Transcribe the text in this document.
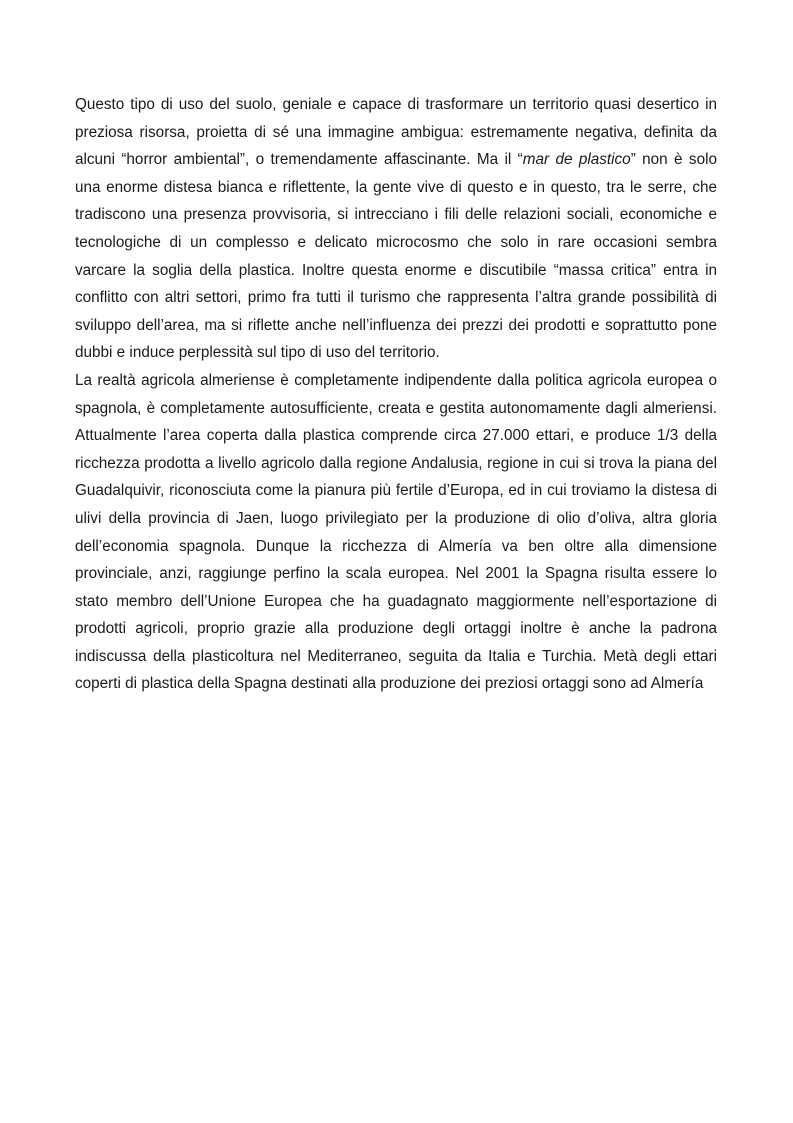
Questo tipo di uso del suolo, geniale e capace di trasformare un territorio quasi desertico in preziosa risorsa, proietta di sé una immagine ambigua: estremamente negativa, definita da alcuni “horror ambiental”, o tremendamente affascinante. Ma il “mar de plastico” non è solo una enorme distesa bianca e riflettente, la gente vive di questo e in questo, tra le serre, che tradiscono una presenza provvisoria, si intrecciano i fili delle relazioni sociali, economiche e tecnologiche di un complesso e delicato microcosmo che solo in rare occasioni sembra varcare la soglia della plastica. Inoltre questa enorme e discutibile “massa critica” entra in conflitto con altri settori, primo fra tutti il turismo che rappresenta l’altra grande possibilità di sviluppo dell’area, ma si riflette anche nell’influenza dei prezzi dei prodotti e soprattutto pone dubbi e induce perplessità sul tipo di uso del territorio.

La realtà agricola almeriense è completamente indipendente dalla politica agricola europea o spagnola, è completamente autosufficiente, creata e gestita autonomamente dagli almeriensi. Attualmente l’area coperta dalla plastica comprende circa 27.000 ettari, e produce 1/3 della ricchezza prodotta a livello agricolo dalla regione Andalusia, regione in cui si trova la piana del Guadalquivir, riconosciuta come la pianura più fertile d’Europa, ed in cui troviamo la distesa di ulivi della provincia di Jaen, luogo privilegiato per la produzione di olio d’oliva, altra gloria dell’economia spagnola. Dunque la ricchezza di Almería va ben oltre alla dimensione provinciale, anzi, raggiunge perfino la scala europea. Nel 2001 la Spagna risulta essere lo stato membro dell’Unione Europea che ha guadagnato maggiormente nell’esportazione di prodotti agricoli, proprio grazie alla produzione degli ortaggi inoltre è anche la padrona indiscussa della plasticoltura nel Mediterraneo, seguita da Italia e Turchia. Metà degli ettari coperti di plastica della Spagna destinati alla produzione dei preziosi ortaggi sono ad Almería
